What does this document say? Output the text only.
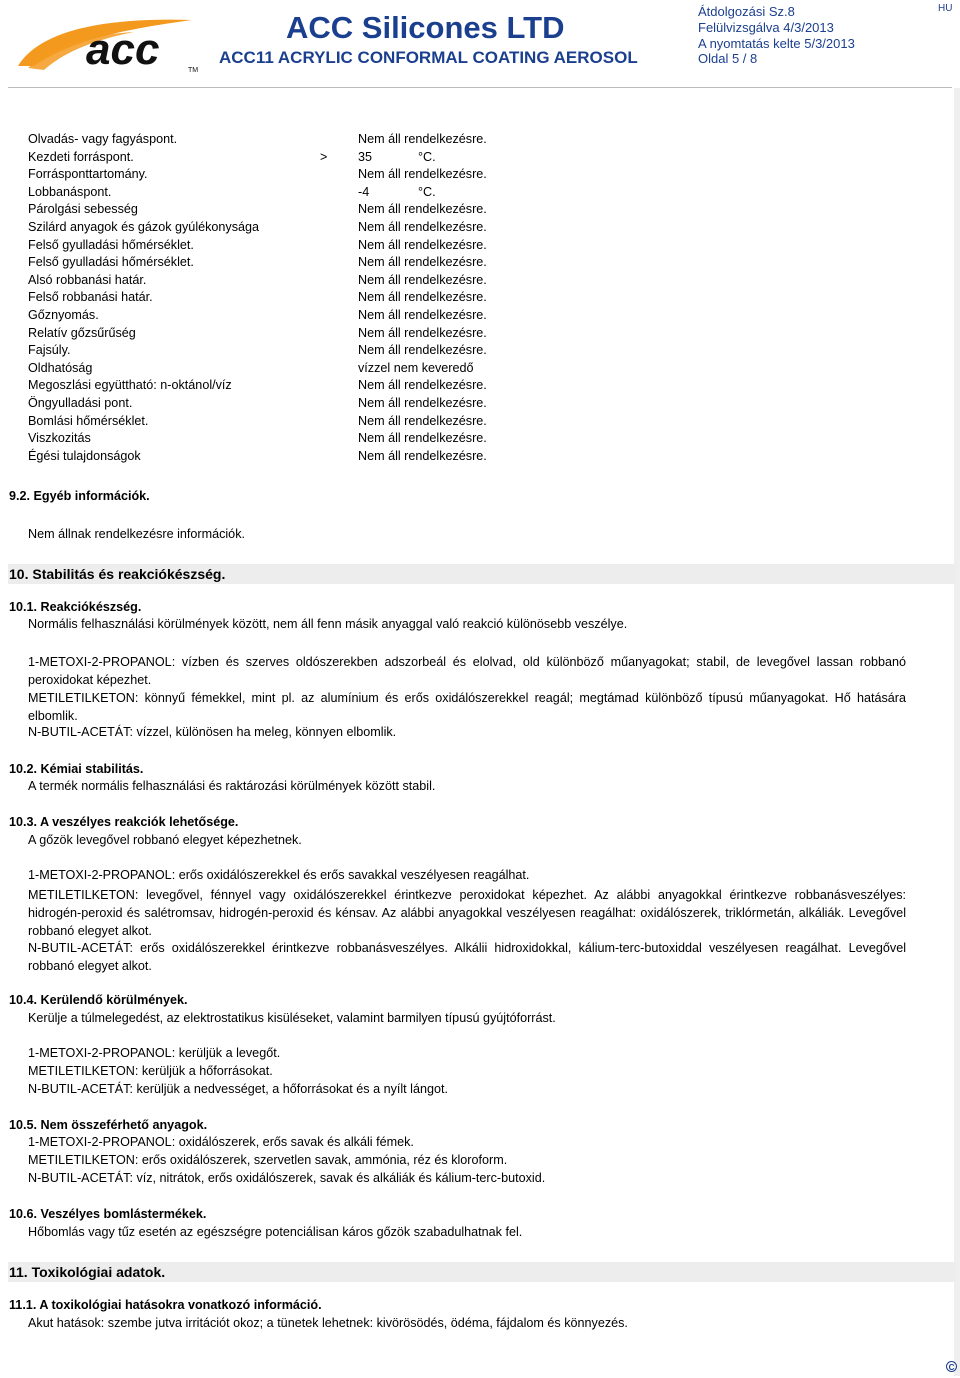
acc	TM
ACC Silicones LTD
ACC11 ACRYLIC CONFORMAL COATING AEROSOL
Átdolgozási Sz.8
Felülvizsgálva 4/3/2013
A nyomtatás kelte 5/3/2013
Oldal 5 / 8
HU
Olvadás- vagy fagyáspont.	Nem áll rendelkezésre.
Kezdeti forráspont.	> 35	°C.
Forrásponttartomány.	Nem áll rendelkezésre.
Lobbanáspont.	-4	°C.
Párolgási sebesség	Nem áll rendelkezésre.
Szilárd anyagok és gázok gyúlékonysága	Nem áll rendelkezésre.
Felső gyulladási hőmérséklet.	Nem áll rendelkezésre.
Felső gyulladási hőmérséklet.	Nem áll rendelkezésre.
Alsó robbanási határ.	Nem áll rendelkezésre.
Felső robbanási határ.	Nem áll rendelkezésre.
Gőznyomás.	Nem áll rendelkezésre.
Relatív gőzsűrűség	Nem áll rendelkezésre.
Fajsúly.	Nem áll rendelkezésre.
Oldhatóság	vízzel nem keveredő
Megoszlási együttható: n-oktánol/víz	Nem áll rendelkezésre.
Öngyulladási pont.	Nem áll rendelkezésre.
Bomlási hőmérséklet.	Nem áll rendelkezésre.
Viszkozitás	Nem áll rendelkezésre.
Égési tulajdonságok	Nem áll rendelkezésre.
9.2. Egyéb információk.
Nem állnak rendelkezésre információk.
10. Stabilitás és reakciókészség.
10.1. Reakciókészség.
Normális felhasználási körülmények között, nem áll fenn másik anyaggal való reakció különösebb veszélye.
1-METOXI-2-PROPANOL: vízben és szerves oldószerekben adszorbeál és elolvad, old különböző műanyagokat; stabil, de levegővel lassan robbanó peroxidokat képezhet.
METILETILKETON: könnyű fémekkel, mint pl. az alumínium és erős oxidálószerekkel reagál; megtámad különböző típusú műanyagokat. Hő hatására elbomlik.
N-BUTIL-ACETÁT: vízzel, különösen ha meleg, könnyen elbomlik.
10.2. Kémiai stabilitás.
A termék normális felhasználási és raktározási körülmények között stabil.
10.3. A veszélyes reakciók lehetősége.
A gőzök levegővel robbanó elegyet képezhetnek.
1-METOXI-2-PROPANOL: erős oxidálószerekkel és erős savakkal veszélyesen reagálhat.
METILETILKETON: levegővel, fénnyel vagy oxidálószerekkel érintkezve peroxidokat képezhet. Az alábbi anyagokkal érintkezve robbanásveszélyes: hidrogén-peroxid és salétromsav, hidrogén-peroxid és kénsav. Az alábbi anyagokkal veszélyesen reagálhat: oxidálószerek, triklórmetán, alkáliák. Levegővel robbanó elegyet alkot.
N-BUTIL-ACETÁT: erős oxidálószerekkel érintkezve robbanásveszélyes. Alkálii hidroxidokkal, kálium-terc-butoxiddal veszélyesen reagálhat. Levegővel robbanó elegyet alkot.
10.4. Kerülendő körülmények.
Kerülje a túlmelegedést, az elektrostatikus kisüléseket, valamint barmilyen típusú gyújtóforrást.
1-METOXI-2-PROPANOL: kerüljük a levegőt.
METILETILKETON: kerüljük a hőforrásokat.
N-BUTIL-ACETÁT: kerüljük a nedvességet, a hőforrásokat és a nyílt lángot.
10.5. Nem összeférhető anyagok.
1-METOXI-2-PROPANOL: oxidálószerek, erős savak és alkáli fémek.
METILETILKETON: erős oxidálószerek, szervetlen savak, ammónia, réz és kloroform.
N-BUTIL-ACETÁT: víz, nitrátok, erős oxidálószerek, savak és alkáliák és kálium-terc-butoxid.
10.6. Veszélyes bomlástermékek.
Hőbomlás vagy tűz esetén az egészségre potenciálisan káros gőzök szabadulhatnak fel.
11. Toxikológiai adatok.
11.1. A toxikológiai hatásokra vonatkozó információ.
Akut hatások: szembe jutva irritációt okoz; a tünetek lehetnek: kivörösödés, ödéma, fájdalom és könnyezés.
C
